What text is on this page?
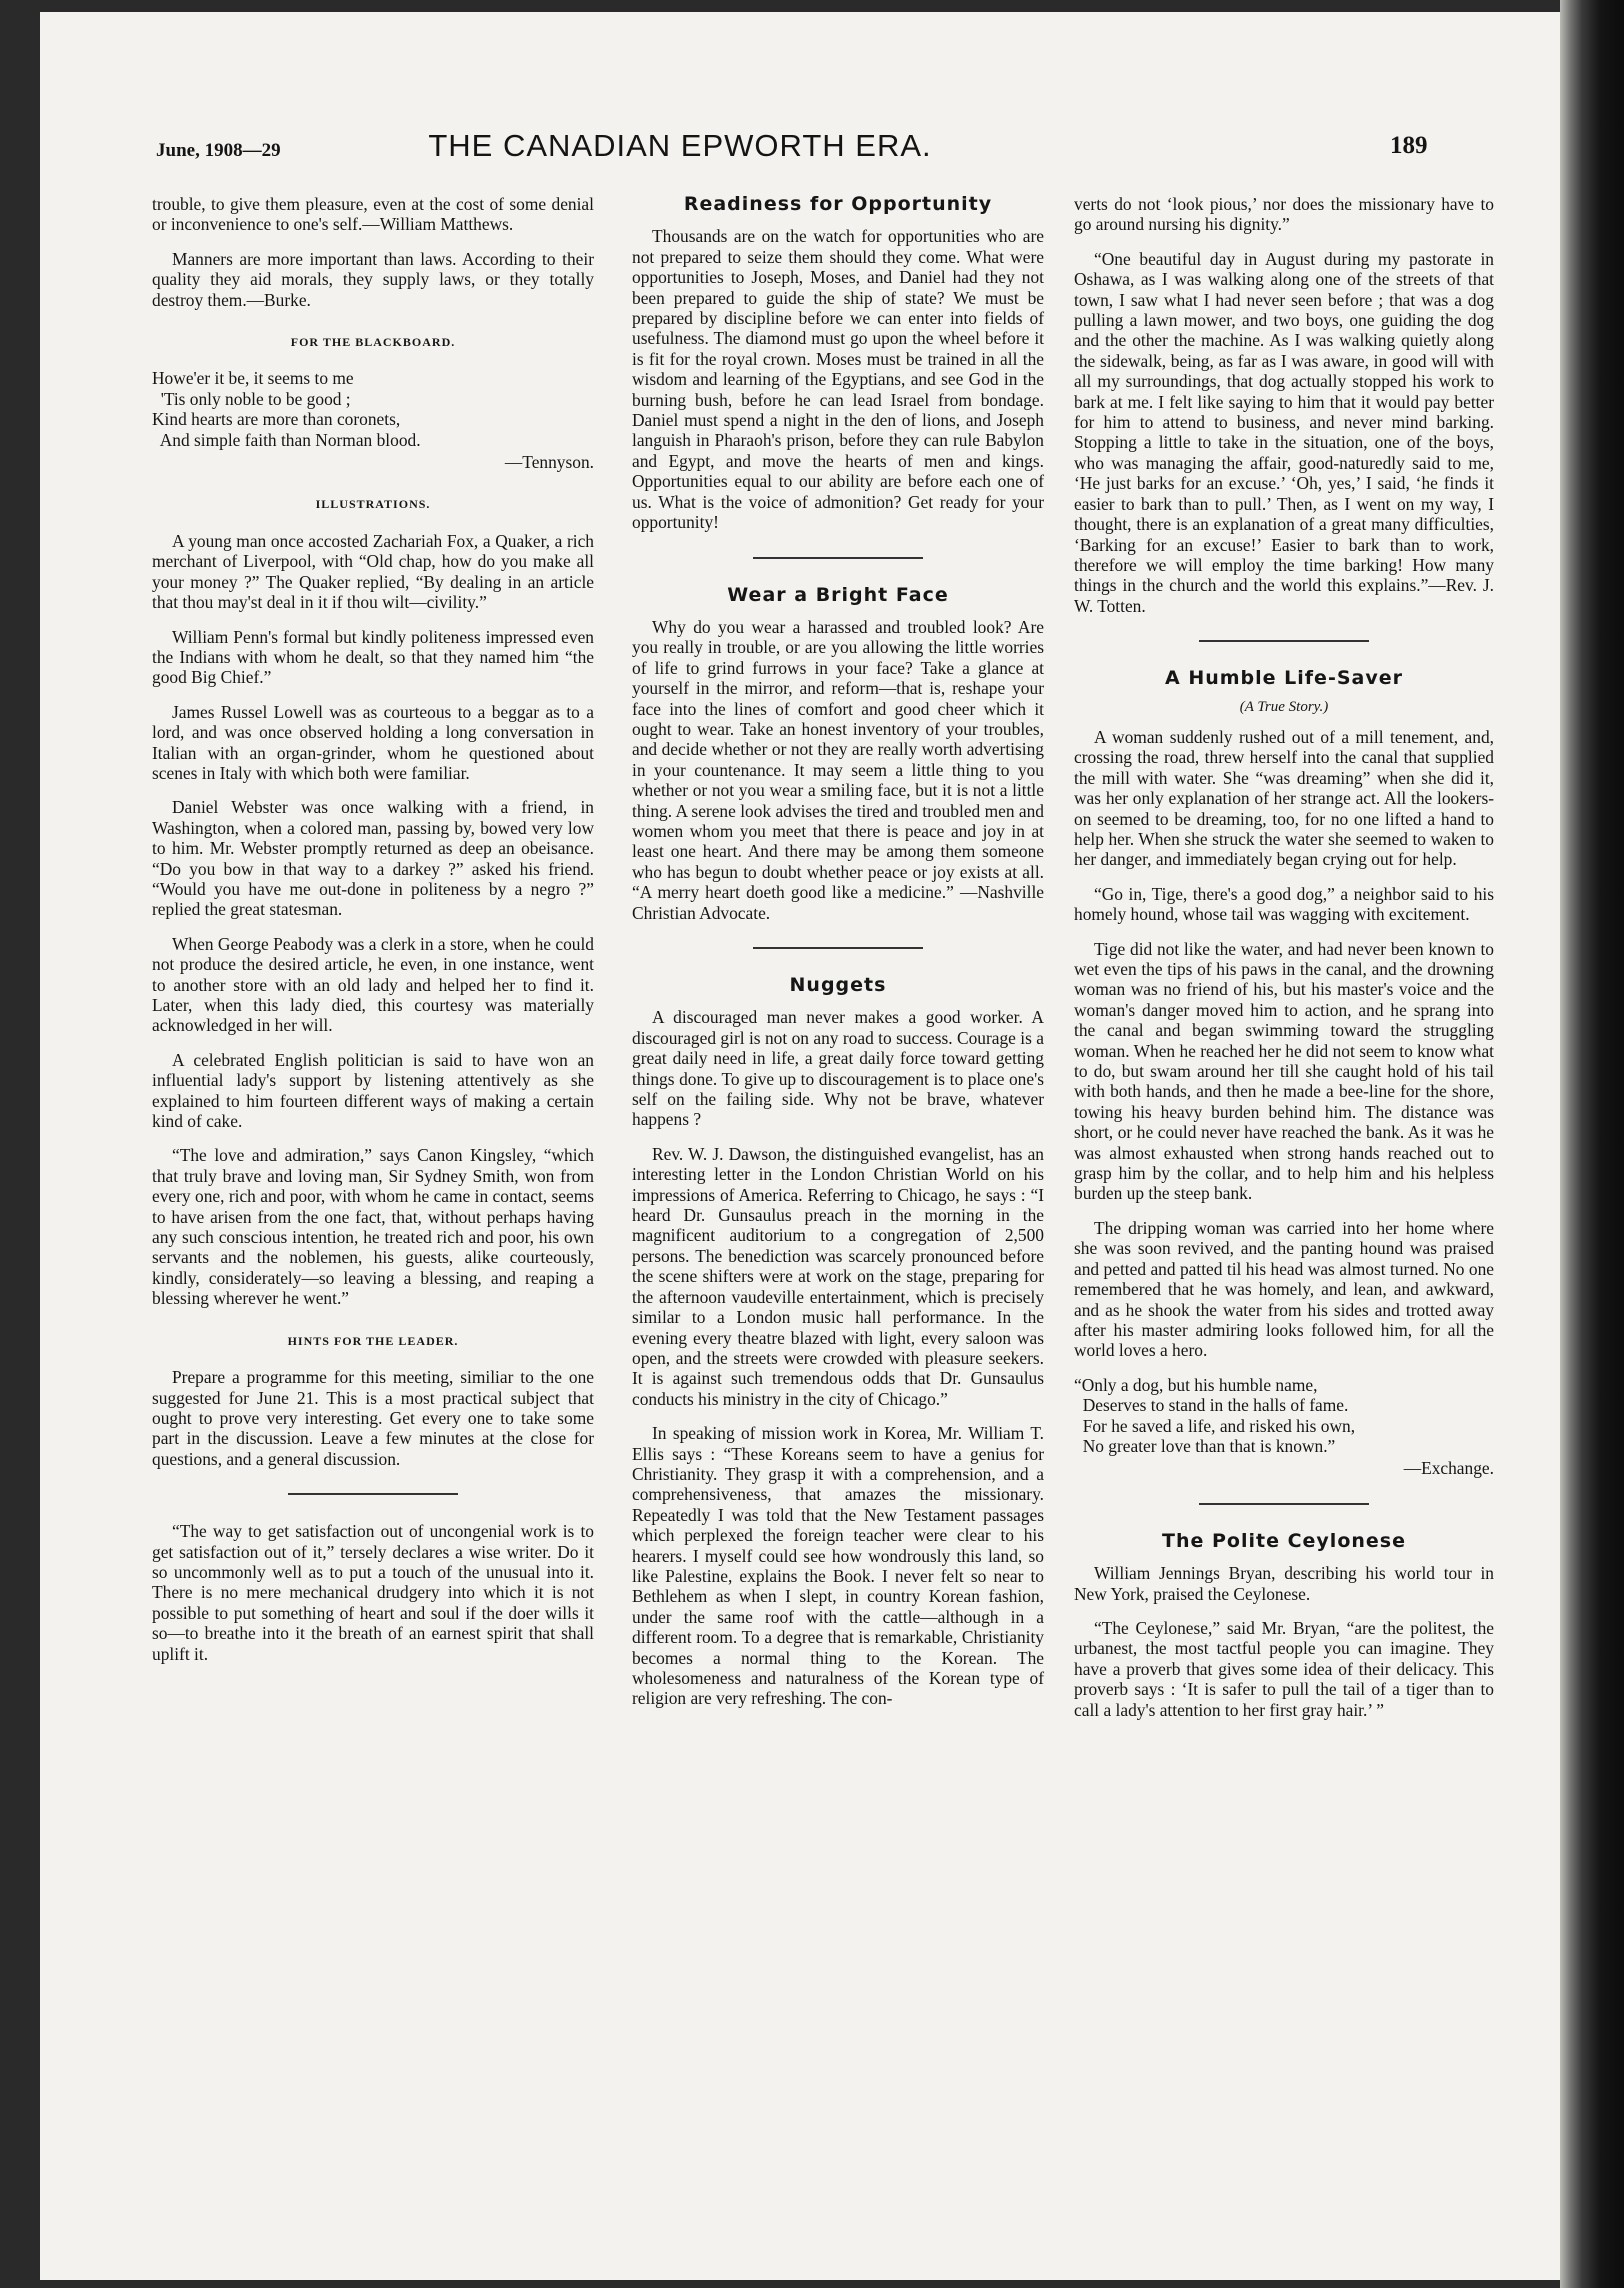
June, 1908—29	THE CANADIAN EPWORTH ERA.	189

trouble, to give them pleasure, even at the cost of some denial or inconvenience to one's self.—William Matthews.

Manners are more important than laws. According to their quality they aid morals, they supply laws, or they totally destroy them.—Burke.

FOR THE BLACKBOARD.
Howe'er it be, it seems to me
'Tis only noble to be good ;
Kind hearts are more than coronets,
And simple faith than Norman blood.
—Tennyson.
ILLUSTRATIONS.

A young man once accosted Zachariah Fox, a Quaker, a rich merchant of Liverpool, with “Old chap, how do you make all your money ?” The Quaker replied, “By dealing in an article that thou may'st deal in it if thou wilt—civility.”

William Penn's formal but kindly politeness impressed even the Indians with whom he dealt, so that they named him “the good Big Chief.”

James Russel Lowell was as courteous to a beggar as to a lord, and was once observed holding a long conversation in Italian with an organ-grinder, whom he questioned about scenes in Italy with which both were familiar.

Daniel Webster was once walking with a friend, in Washington, when a colored man, passing by, bowed very low to him. Mr. Webster promptly returned as deep an obeisance. “Do you bow in that way to a darkey ?” asked his friend. “Would you have me out-done in politeness by a negro ?” replied the great statesman.

When George Peabody was a clerk in a store, when he could not produce the desired article, he even, in one instance, went to another store with an old lady and helped her to find it. Later, when this lady died, this courtesy was materially acknowledged in her will.

A celebrated English politician is said to have won an influential lady's support by listening attentively as she explained to him fourteen different ways of making a certain kind of cake.

“The love and admiration,” says Canon Kingsley, “which that truly brave and loving man, Sir Sydney Smith, won from every one, rich and poor, with whom he came in contact, seems to have arisen from the one fact, that, without perhaps having any such conscious intention, he treated rich and poor, his own servants and the noblemen, his guests, alike courteously, kindly, considerately—so leaving a blessing, and reaping a blessing wherever he went.”

HINTS FOR THE LEADER.

Prepare a programme for this meeting, similiar to the one suggested for June 21. This is a most practical subject that ought to prove very interesting. Get every one to take some part in the discussion. Leave a few minutes at the close for questions, and a general discussion.

“The way to get satisfaction out of uncongenial work is to get satisfaction out of it,” tersely declares a wise writer. Do it so uncommonly well as to put a touch of the unusual into it. There is no mere mechanical drudgery into which it is not possible to put something of heart and soul if the doer wills it so—to breathe into it the breath of an earnest spirit that shall uplift it.

Readiness for Opportunity

Thousands are on the watch for opportunities who are not prepared to seize them should they come. What were opportunities to Joseph, Moses, and Daniel had they not been prepared to guide the ship of state? We must be prepared by discipline before we can enter into fields of usefulness. The diamond must go upon the wheel before it is fit for the royal crown. Moses must be trained in all the wisdom and learning of the Egyptians, and see God in the burning bush, before he can lead Israel from bondage. Daniel must spend a night in the den of lions, and Joseph languish in Pharaoh's prison, before they can rule Babylon and Egypt, and move the hearts of men and kings. Opportunities equal to our ability are before each one of us. What is the voice of admonition? Get ready for your opportunity!

Wear a Bright Face

Why do you wear a harassed and troubled look? Are you really in trouble, or are you allowing the little worries of life to grind furrows in your face? Take a glance at yourself in the mirror, and reform—that is, reshape your face into the lines of comfort and good cheer which it ought to wear. Take an honest inventory of your troubles, and decide whether or not they are really worth advertising in your countenance. It may seem a little thing to you whether or not you wear a smiling face, but it is not a little thing. A serene look advises the tired and troubled men and women whom you meet that there is peace and joy in at least one heart. And there may be among them someone who has begun to doubt whether peace or joy exists at all. “A merry heart doeth good like a medicine.” —Nashville Christian Advocate.

Nuggets

A discouraged man never makes a good worker. A discouraged girl is not on any road to success. Courage is a great daily need in life, a great daily force toward getting things done. To give up to discouragement is to place one's self on the failing side. Why not be brave, whatever happens ?

Rev. W. J. Dawson, the distinguished evangelist, has an interesting letter in the London Christian World on his impressions of America. Referring to Chicago, he says : “I heard Dr. Gunsaulus preach in the morning in the magnificent auditorium to a congregation of 2,500 persons. The benediction was scarcely pronounced before the scene shifters were at work on the stage, preparing for the afternoon vaudeville entertainment, which is precisely similar to a London music hall performance. In the evening every theatre blazed with light, every saloon was open, and the streets were crowded with pleasure seekers. It is against such tremendous odds that Dr. Gunsaulus conducts his ministry in the city of Chicago.”

In speaking of mission work in Korea, Mr. William T. Ellis says : “These Koreans seem to have a genius for Christianity. They grasp it with a comprehension, and a comprehensiveness, that amazes the missionary. Repeatedly I was told that the New Testament passages which perplexed the foreign teacher were clear to his hearers. I myself could see how wondrously this land, so like Palestine, explains the Book. I never felt so near to Bethlehem as when I slept, in country Korean fashion, under the same roof with the cattle—although in a different room. To a degree that is remarkable, Christianity becomes a normal thing to the Korean. The wholesomeness and naturalness of the Korean type of religion are very refreshing. The con-

verts do not ‘look pious,’ nor does the missionary have to go around nursing his dignity.”

“One beautiful day in August during my pastorate in Oshawa, as I was walking along one of the streets of that town, I saw what I had never seen before ; that was a dog pulling a lawn mower, and two boys, one guiding the dog and the other the machine. As I was walking quietly along the sidewalk, being, as far as I was aware, in good will with all my surroundings, that dog actually stopped his work to bark at me. I felt like saying to him that it would pay better for him to attend to business, and never mind barking. Stopping a little to take in the situation, one of the boys, who was managing the affair, good-naturedly said to me, ‘He just barks for an excuse.’ ‘Oh, yes,’ I said, ‘he finds it easier to bark than to pull.’ Then, as I went on my way, I thought, there is an explanation of a great many difficulties, ‘Barking for an excuse!’ Easier to bark than to work, therefore we will employ the time barking! How many things in the church and the world this explains.”—Rev. J. W. Totten.

A Humble Life-Saver
(A True Story.)

A woman suddenly rushed out of a mill tenement, and, crossing the road, threw herself into the canal that supplied the mill with water. She “was dreaming” when she did it, was her only explanation of her strange act. All the lookers-on seemed to be dreaming, too, for no one lifted a hand to help her. When she struck the water she seemed to waken to her danger, and immediately began crying out for help.

“Go in, Tige, there's a good dog,” a neighbor said to his homely hound, whose tail was wagging with excitement.

Tige did not like the water, and had never been known to wet even the tips of his paws in the canal, and the drowning woman was no friend of his, but his master's voice and the woman's danger moved him to action, and he sprang into the canal and began swimming toward the struggling woman. When he reached her he did not seem to know what to do, but swam around her till she caught hold of his tail with both hands, and then he made a bee-line for the shore, towing his heavy burden behind him. The distance was short, or he could never have reached the bank. As it was he was almost exhausted when strong hands reached out to grasp him by the collar, and to help him and his helpless burden up the steep bank.

The dripping woman was carried into her home where she was soon revived, and the panting hound was praised and petted and patted til his head was almost turned. No one remembered that he was homely, and lean, and awkward, and as he shook the water from his sides and trotted away after his master admiring looks followed him, for all the world loves a hero.

“Only a dog, but his humble name,
Deserves to stand in the halls of fame.
For he saved a life, and risked his own,
No greater love than that is known.”
—Exchange.
The Polite Ceylonese

William Jennings Bryan, describing his world tour in New York, praised the Ceylonese.

“The Ceylonese,” said Mr. Bryan, “are the politest, the urbanest, the most tactful people you can imagine. They have a proverb that gives some idea of their delicacy. This proverb says : ‘It is safer to pull the tail of a tiger than to call a lady's attention to her first gray hair.’ ”
